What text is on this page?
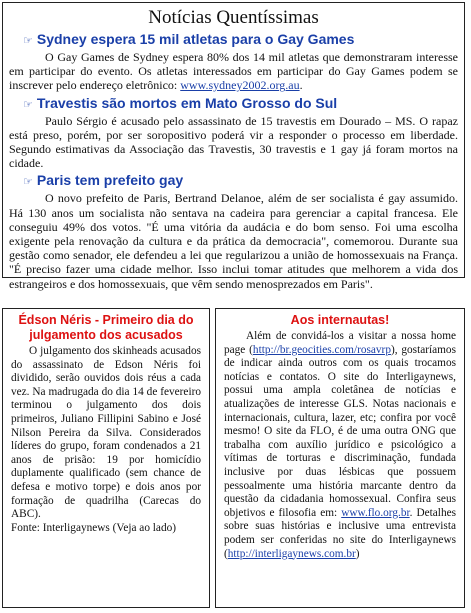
Notícias Quentíssimas
☞ Sydney espera 15 mil atletas para o Gay Games

O Gay Games de Sydney espera 80% dos 14 mil atletas que demonstraram interesse em participar do evento. Os atletas interessados em participar do Gay Games podem se inscrever pelo endereço eletrônico: www.sydney2002.org.au.

☞ Travestis são mortos em Mato Grosso do Sul

Paulo Sérgio é acusado pelo assassinato de 15 travestis em Dourado – MS. O rapaz está preso, porém, por ser soropositivo poderá vir a responder o processo em liberdade. Segundo estimativas da Associação das Travestis, 30 travestis e 1 gay já foram mortos na cidade.

☞ Paris tem prefeito gay

O novo prefeito de Paris, Bertrand Delanoe, além de ser socialista é gay assumido. Há 130 anos um socialista não sentava na cadeira para gerenciar a capital francesa. Ele conseguiu 49% dos votos. "É uma vitória da audácia e do bom senso. Foi uma escolha exigente pela renovação da cultura e da prática da democracia", comemorou. Durante sua gestão como senador, ele defendeu a lei que regularizou a união de homossexuais na França. "É preciso fazer uma cidade melhor. Isso inclui tomar atitudes que melhorem a vida dos estrangeiros e dos homossexuais, que vêm sendo menosprezados em Paris".

Édson Néris - Primeiro dia do julgamento dos acusados

O julgamento dos skinheads acusados do assassinato de Edson Néris foi dividido, serão ouvidos dois réus a cada vez. Na madrugada do dia 14 de fevereiro terminou o julgamento dos dois primeiros, Juliano Fillipini Sabino e José Nilson Pereira da Silva. Considerados líderes do grupo, foram condenados a 21 anos de prisão: 19 por homicídio duplamente qualificado (sem chance de defesa e motivo torpe) e dois anos por formação de quadrilha (Carecas do ABC).

Fonte: Interligaynews (Veja ao lado)

Aos internautas!

Além de convidá-los a visitar a nossa home page (http://br.geocities.com/rosavrp), gostaríamos de indicar ainda outros com os quais trocamos notícias e contatos. O site do Interligaynews, possui uma ampla coletânea de notícias e atualizações de interesse GLS. Notas nacionais e internacionais, cultura, lazer, etc; confira por você mesmo! O site da FLO, é de uma outra ONG que trabalha com auxílio jurídico e psicológico a vítimas de torturas e discriminação, fundada inclusive por duas lésbicas que possuem pessoalmente uma história marcante dentro da questão da cidadania homossexual. Confira seus objetivos e filosofia em: www.flo.org.br. Detalhes sobre suas histórias e inclusive uma entrevista podem ser conferidas no site do Interligaynews (http://interligaynews.com.br)
